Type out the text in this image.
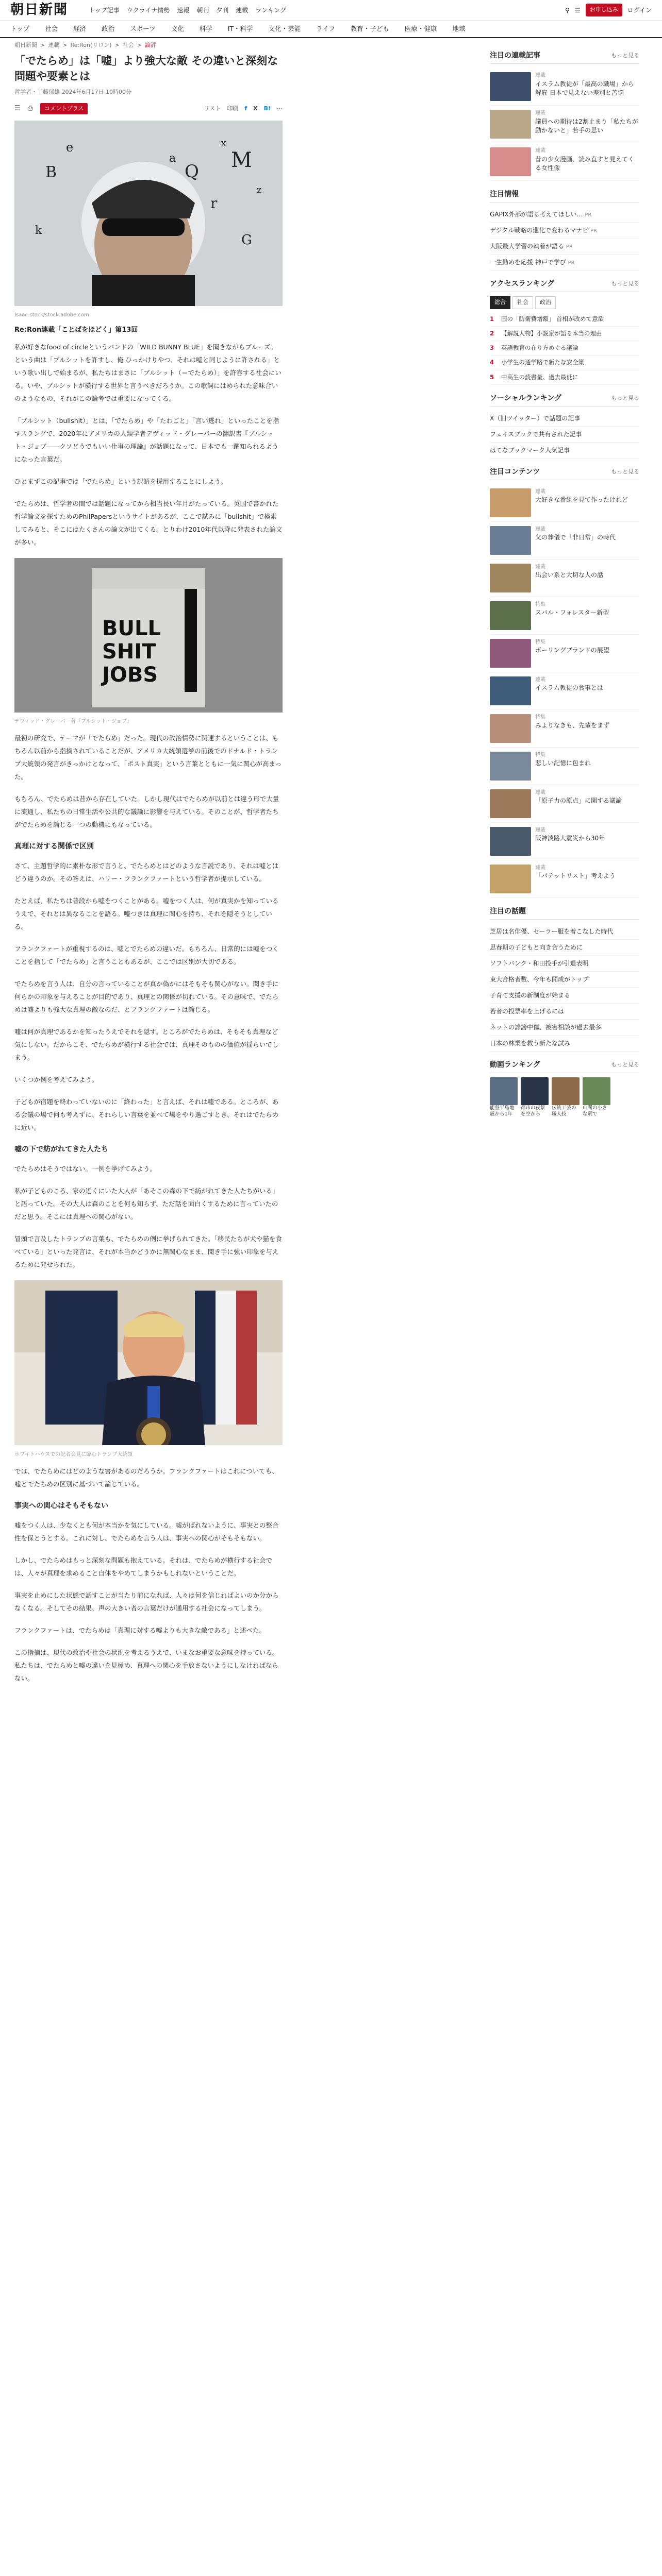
朝日新聞	トップ記事 ウクライナ情勢 速報 朝刊 夕刊 連載 ランキング	⚲ ☰	お申し込み	ログイン
トップ 社会 経済 政治 スポーツ 文化 科学 IT・科学 文化・芸能 ライフ 教育・子ども 医療・健康 地域
朝日新聞 > 連載 > Re:Ron(リロン) > 社会 > 論評
「でたらめ」は「嘘」より強大な敵 その違いと深刻な問題や要素とは
哲学者・工藤郁雄 2024年6月17日 10時00分
☰ ⎙	コメントプラス	リスト 印刷 f X B! ⋯
Q
r
a	M
B
e
G
x
k
z
Isaac-stock/stock.adobe.com
Re:Ron連載「ことばをほどく」第13回

私が好きなfood of circleというバンドの「WILD BUNNY BLUE」を聞きながらブルーズ。という曲は「ブルシットを許すし、俺 ひっかけりやつ、それは嘘と同じように許される」という歌い出しで始まるが、私たちはまさに「ブルシット（＝でたらめ）」を許容する社会にいる。いや、ブルシットが横行する世界と言うべきだろうか。この歌詞にはめられた意味合いのようなもの、それがこの論考では重要になってくる。

「ブルシット（bullshit）」とは、「でたらめ」や「たわごと」「言い逃れ」といったことを指すスラングで、2020年にアメリカの人類学者デヴィッド・グレーバーの翻訳書『ブルシット・ジョブ――クソどうでもいい仕事の理論』が話題になって、日本でも一躍知られるようになった言葉だ。

ひとまずこの記事では「でたらめ」という訳語を採用することにしよう。

でたらめは、哲学者の間では話題になってから相当長い年月がたっている。英国で書かれた哲学論文を探すためのPhilPapersというサイトがあるが、ここで試みに「bullshit」で検索してみると、そこにはたくさんの論文が出てくる。とりわけ2010年代以降に発表された論文が多い。

BULL
SHIT
JOBS
デヴィッド・グレーバー著『ブルシット・ジョブ』

最初の研究で、テーマが「でたらめ」だった。現代の政治情勢に関連するということは、もちろん以前から指摘されていることだが、アメリカ大統領選挙の前後でのドナルド・トランプ大統領の発言がきっかけとなって、「ポスト真実」という言葉とともに一気に関心が高まった。

もちろん、でたらめは昔から存在していた。しかし現代はでたらめが以前とは違う形で大量に流通し、私たちの日常生活や公共的な議論に影響を与えている。そのことが、哲学者たちがでたらめを論じる一つの動機にもなっている。

真理に対する関係で区別

さて、主題哲学的に素朴な形で言うと、でたらめとはどのような言説であり、それは嘘とはどう違うのか。その答えは、ハリー・フランクファートという哲学者が提示している。

たとえば、私たちは普段から嘘をつくことがある。嘘をつく人は、何が真実かを知っているうえで、それとは異なることを語る。嘘つきは真理に関心を持ち、それを隠そうとしている。

フランクファートが重視するのは、嘘とでたらめの違いだ。もちろん、日常的には嘘をつくことを指して「でたらめ」と言うこともあるが、ここでは区別が大切である。

でたらめを言う人は、自分の言っていることが真か偽かにはそもそも関心がない。聞き手に何らかの印象を与えることが目的であり、真理との関係が切れている。その意味で、でたらめは嘘よりも強大な真理の敵なのだ、とフランクファートは論じる。

嘘は何が真理であるかを知ったうえでそれを隠す。ところがでたらめは、そもそも真理など気にしない。だからこそ、でたらめが横行する社会では、真理そのものの価値が揺らいでしまう。

いくつか例を考えてみよう。

子どもが宿題を終わっていないのに「終わった」と言えば、それは嘘である。ところが、ある会議の場で何も考えずに、それらしい言葉を並べて場をやり過ごすとき、それはでたらめに近い。

嘘の下で紡がれてきた人たち

でたらめはそうではない。一例を挙げてみよう。

私が子どものころ、家の近くにいた大人が「あそこの森の下で紡がれてきた人たちがいる」と語っていた。その大人は森のことを何も知らず、ただ話を面白くするために言っていたのだと思う。そこには真理への関心がない。

冒頭で言及したトランプの言葉も、でたらめの例に挙げられてきた。「移民たちが犬や猫を食べている」といった発言は、それが本当かどうかに無関心なまま、聞き手に強い印象を与えるために発せられた。

ホワイトハウスでの記者会見に臨むトランプ大統領

では、でたらめにはどのような害があるのだろうか。フランクファートはこれについても、嘘とでたらめの区別に基づいて論じている。

事実への関心はそもそもない

嘘をつく人は、少なくとも何が本当かを気にしている。嘘がばれないように、事実との整合性を保とうとする。これに対し、でたらめを言う人は、事実への関心がそもそもない。

しかし、でたらめはもっと深刻な問題も抱えている。それは、でたらめが横行する社会では、人々が真理を求めること自体をやめてしまうかもしれないということだ。

事実を止めにした状態で話すことが当たり前になれば、人々は何を信じればよいのか分からなくなる。そしてその結果、声の大きい者の言葉だけが通用する社会になってしまう。

フランクファートは、でたらめは「真理に対する嘘よりも大きな敵である」と述べた。

この指摘は、現代の政治や社会の状況を考えるうえで、いまなお重要な意味を持っている。私たちは、でたらめと嘘の違いを見極め、真理への関心を手放さないようにしなければならない。

注目の連載記事	もっと見る
連載
イスラム教徒が「最高の職場」から解雇 日本で見えない差別と苦悩
連載
議員への期待は2割止まり「私たちが動かないと」若手の思い
連載
昔の少女漫画、読み直すと見えてくる女性像
注目情報
GAPIX外部が語る考えてほしい… PR
デジタル戦略の進化で変わるマナビ PR
大阪最大学習の執着が語る PR
一生勤めを応援 神戸で学び PR
アクセスランキング	もっと見る
総合	社会	政治
1	国の「防衛費増額」 首相が改めて意欲
2	【解説人物】小説家が語る本当の理由
3	英語教育の在り方めぐる議論
4	小学生の通学路で新たな安全策
5	中高生の読書量、過去最低に
ソーシャルランキング	もっと見る
X（旧ツイッター）で話題の記事
フェイスブックで共有された記事
はてなブックマーク人気記事
注目コンテンツ	もっと見る
連載
大好きな番組を見て作ったけれど
連載
父の葬儀で「非日常」の時代
連載
出会い系と大切な人の話
特集
スバル・フォレスター新型
特集
ボーリングブランドの展望
連載
イスラム教徒の食事とは
特集
みよりなきも、先輩をまず
特集
悲しい記憶に包まれ
連載
「原子力の原点」に関する議論
連載
阪神淡路大震災から30年
連載
「パテットリスト」考えよう
注目の話題
芝居は名俳優、セーラー服を着こなした時代
思春期の子どもと向き合うために
ソフトバンク・和田投手が引退表明
東大合格者数、今年も開成がトップ
子育て支援の新制度が始まる
若者の投票率を上げるには
ネットの誹謗中傷、被害相談が過去最多
日本の林業を救う新たな試み
動画ランキング	もっと見る
能登半島地震から1年
都市の夜景を空から
伝統工芸の職人技
山間の小さな駅で
